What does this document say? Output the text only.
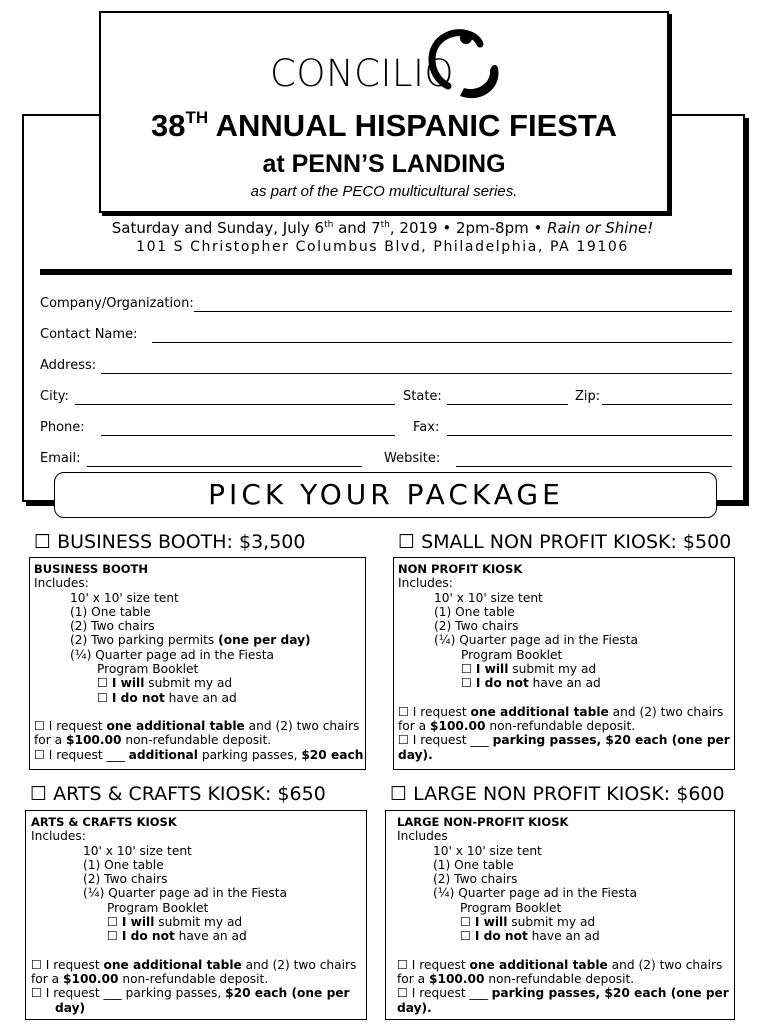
CONCILIO
38TH ANNUAL HISPANIC FIESTA
at PENN’S LANDING
as part of the PECO multicultural series.
Saturday and Sunday, July 6th and 7th, 2019 • 2pm-8pm • Rain or Shine!
101 S Christopher Columbus Blvd, Philadelphia, PA 19106
Company/Organization:
Contact Name:
Address:
City:	State:	Zip:
Phone:	Fax:
Email:	Website:
PICK YOUR PACKAGE
☐ BUSINESS BOOTH: $3,500
BUSINESS BOOTH
Includes:
10' x 10' size tent
(1) One table
(2) Two chairs
(2) Two parking permits (one per day)
(¼) Quarter page ad in the Fiesta
Program Booklet
☐ I will submit my ad
☐ I do not have an ad
☐ I request one additional table and (2) two chairs
for a $100.00 non-refundable deposit.
☐ I request ___ additional parking passes, $20 each.
☐ SMALL NON PROFIT KIOSK: $500
NON PROFIT KIOSK
Includes:
10' x 10' size tent
(1) One table
(2) Two chairs
(¼) Quarter page ad in the Fiesta
Program Booklet
☐ I will submit my ad
☐ I do not have an ad
☐ I request one additional table and (2) two chairs
for a $100.00 non-refundable deposit.
☐ I request ___ parking passes, $20 each (one per
day).
☐ ARTS & CRAFTS KIOSK: $650
ARTS & CRAFTS KIOSK
Includes:
10' x 10' size tent
(1) One table
(2) Two chairs
(¼) Quarter page ad in the Fiesta
Program Booklet
☐ I will submit my ad
☐ I do not have an ad
☐ I request one additional table and (2) two chairs
for a $100.00 non-refundable deposit.
☐ I request ___ parking passes, $20 each (one per
day)
☐ LARGE NON PROFIT KIOSK: $600
LARGE NON-PROFIT KIOSK
Includes
10' x 10' size tent
(1) One table
(2) Two chairs
(¼) Quarter page ad in the Fiesta
Program Booklet
☐ I will submit my ad
☐ I do not have an ad
☐ I request one additional table and (2) two chairs
for a $100.00 non-refundable deposit.
☐ I request ___ parking passes, $20 each (one per
day).
